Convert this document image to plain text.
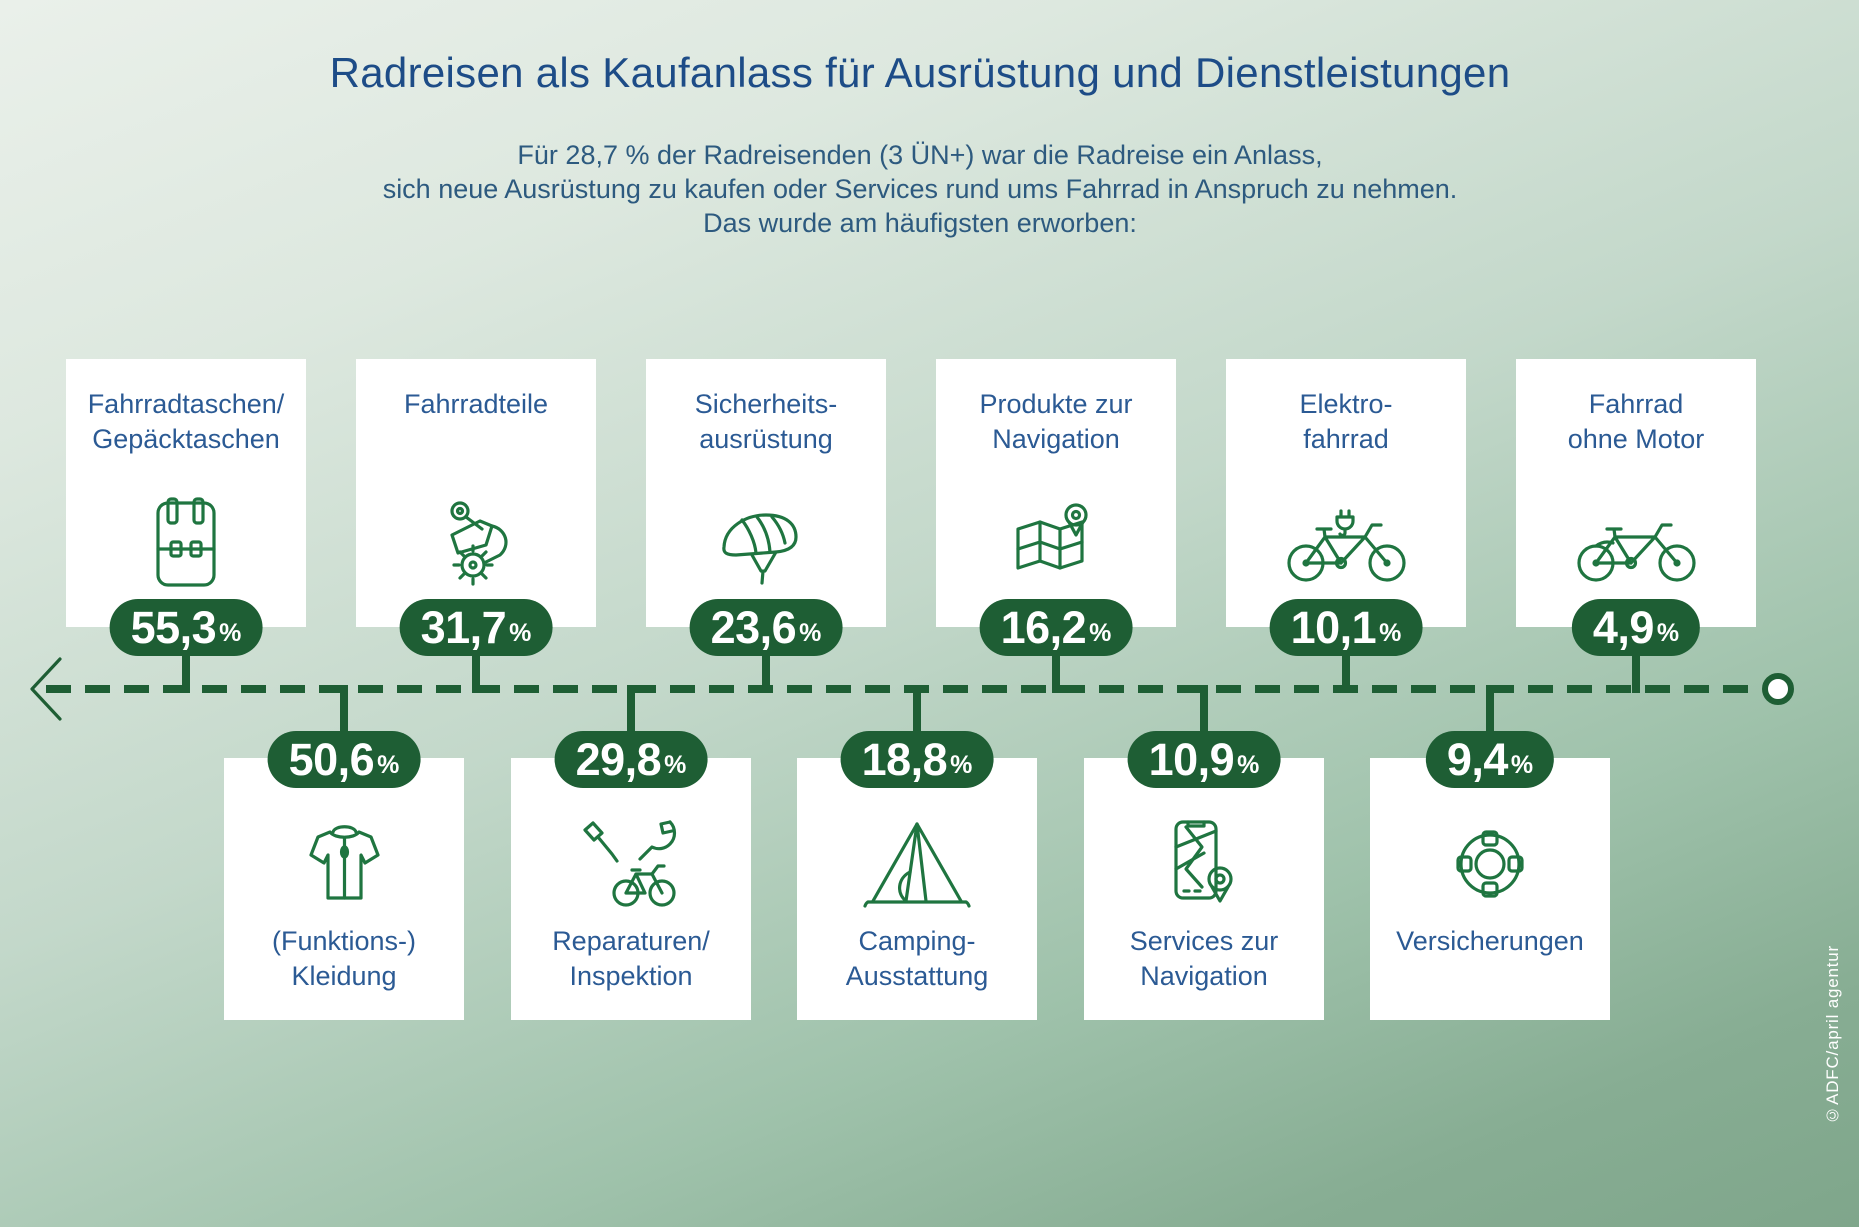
Radreisen als Kaufanlass für Ausrüstung und Dienstleistungen
Für 28,7 % der Radreisenden (3 ÜN+) war die Radreise ein Anlass,
sich neue Ausrüstung zu kaufen oder Services rund ums Fahrrad in Anspruch zu nehmen.
Das wurde am häufigsten erworben:
Fahrradtaschen/
Gepäcktaschen
55,3 %
Fahrradteile
31,7 %
Sicherheits-
ausrüstung
23,6 %
Produkte zur
Navigation
16,2 %
Elektro-
fahrrad
10,1 %
Fahrrad
ohne Motor
4,9 %
50,6 %
(Funktions-)
Kleidung
29,8 %
Reparaturen/
Inspektion
18,8 %
Camping-
Ausstattung
10,9 %
Services zur
Navigation
9,4 %
Versicherungen
©ADFC/april agentur
